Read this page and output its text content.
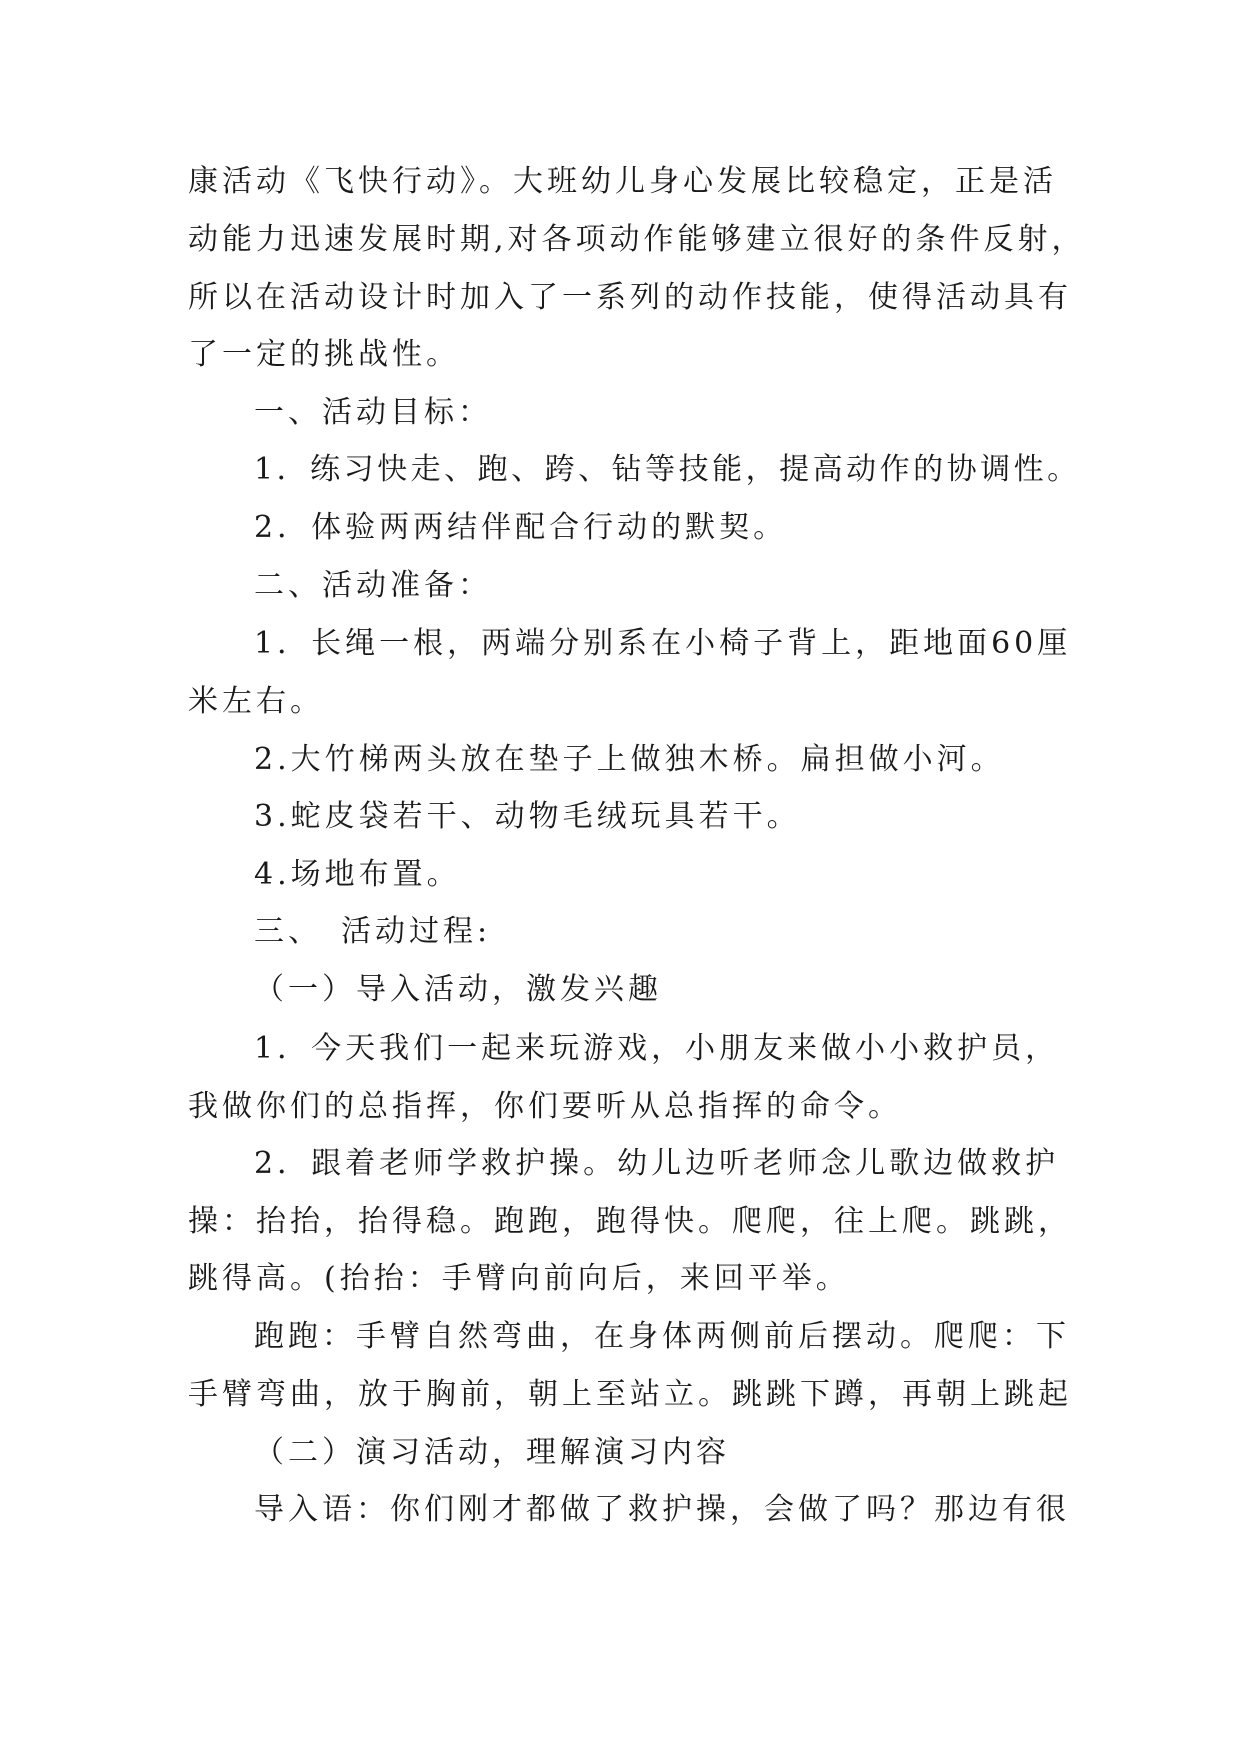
康活动《飞快行动》。大班幼儿身心发展比较稳定，正是活
动能力迅速发展时期,对各项动作能够建立很好的条件反射，
所以在活动设计时加入了一系列的动作技能，使得活动具有
了一定的挑战性。
一、活动目标：
1．练习快走、跑、跨、钻等技能，提高动作的协调性。
2．体验两两结伴配合行动的默契。
二、活动准备：
1．长绳一根，两端分别系在小椅子背上，距地面60厘
米左右。
2.大竹梯两头放在垫子上做独木桥。扁担做小河。
3.蛇皮袋若干、动物毛绒玩具若干。
4.场地布置。
三、　活动过程:
（一）导入活动，激发兴趣
1．今天我们一起来玩游戏，小朋友来做小小救护员，
我做你们的总指挥，你们要听从总指挥的命令。
2．跟着老师学救护操。幼儿边听老师念儿歌边做救护
操：抬抬，抬得稳。跑跑，跑得快。爬爬，往上爬。跳跳，
跳得高。(抬抬：手臂向前向后，来回平举。
跑跑：手臂自然弯曲，在身体两侧前后摆动。爬爬：下
手臂弯曲，放于胸前，朝上至站立。跳跳下蹲，再朝上跳起
（二）演习活动，理解演习内容
导入语：你们刚才都做了救护操，会做了吗？那边有很
